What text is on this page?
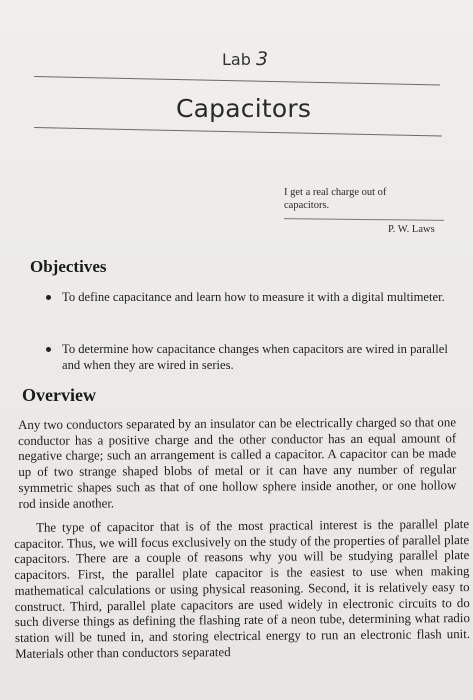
Lab 3
Capacitors
I get a real charge out of capacitors.
P. W. Laws
Objectives
To define capacitance and learn how to measure it with a digital multimeter.
To determine how capacitance changes when capacitors are wired in parallel and when they are wired in series.
Overview
Any two conductors separated by an insulator can be electrically charged so that one conductor has a positive charge and the other conductor has an equal amount of negative charge; such an arrangement is called a capacitor. A capacitor can be made up of two strange shaped blobs of metal or it can have any number of regular symmetric shapes such as that of one hollow sphere inside another, or one hollow rod inside another.
The type of capacitor that is of the most practical interest is the parallel plate capacitor. Thus, we will focus exclusively on the study of the properties of parallel plate capacitors. There are a couple of reasons why you will be studying parallel plate capacitors. First, the parallel plate capacitor is the easiest to use when making mathematical calculations or using physical reasoning. Second, it is relatively easy to construct. Third, parallel plate capacitors are used widely in electronic circuits to do such diverse things as defining the flashing rate of a neon tube, determining what radio station will be tuned in, and storing electrical energy to run an electronic flash unit. Materials other than conductors separated
